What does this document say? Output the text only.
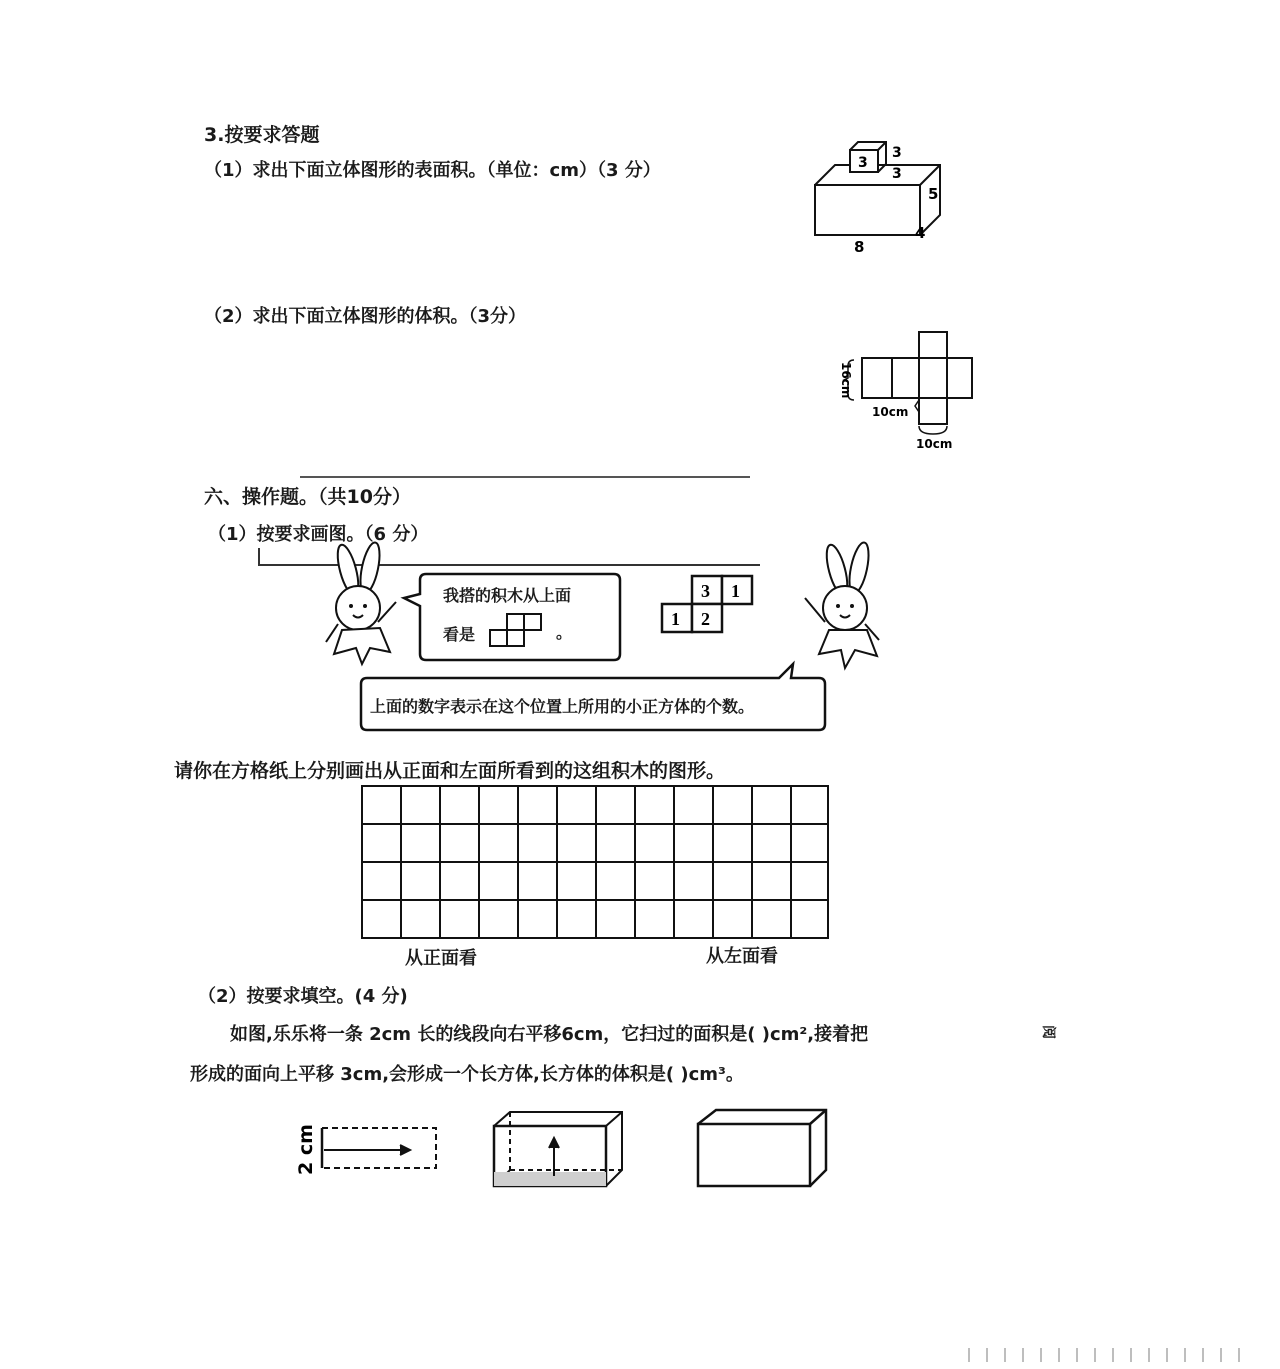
3.按要求答题
（1）求出下面立体图形的表面积。（单位：cm）（3 分）
（2）求出下面立体图形的体积。（3分）
3
3
3
5
8
4
16cm
10cm
10cm
六、操作题。（共10分）
（1）按要求画图。（6 分）
我搭的积木从上面
看是	。
3 1
1 2
上面的数字表示在这个位置上所用的小正方体的个数。
请你在方格纸上分别画出从正面和左面所看到的这组积木的图形。
从正面看	从左面看
（2）按要求填空。(4 分)
如图,乐乐将一条 2cm 长的线段向右平移6cm，它扫过的面积是( )cm²,接着把	阅
形成的面向上平移 3cm,会形成一个长方体,长方体的体积是( )cm³。
2 cm
